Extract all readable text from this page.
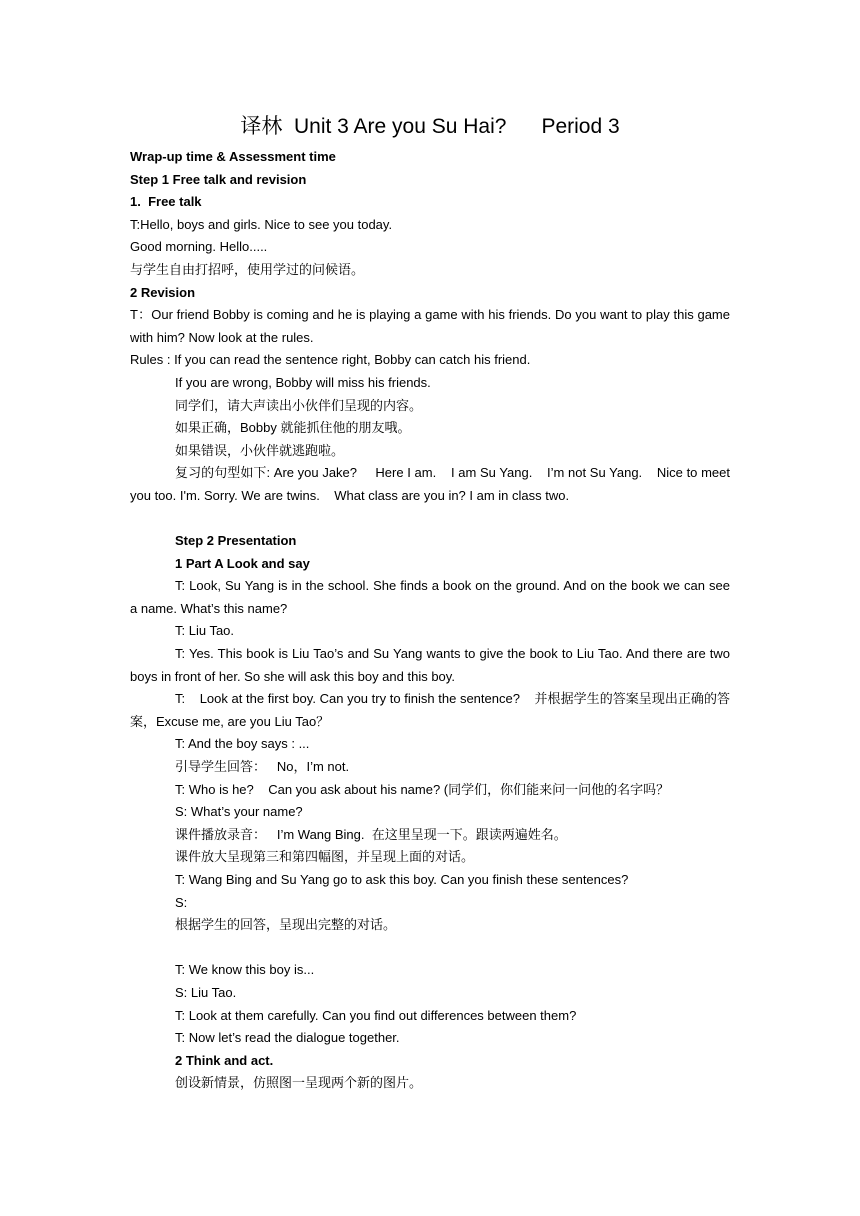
译林  Unit 3 Are you Su Hai?      Period 3
Wrap-up time & Assessment time
Step 1 Free talk and revision
1.  Free talk
T:Hello, boys and girls. Nice to see you today.
Good morning. Hello.....
与学生自由打招呼，使用学过的问候语。
2 Revision
T：Our friend Bobby is coming and he is playing a game with his friends. Do you want to play this game with him? Now look at the rules.
Rules : If you can read the sentence right, Bobby can catch his friend.
If you are wrong, Bobby will miss his friends.
同学们，请大声读出小伙伴们呈现的内容。
如果正确，Bobby 就能抓住他的朋友哦。
如果错误，小伙伴就逃跑啦。
复习的句型如下: Are you Jake?     Here I am.    I am Su Yang.    I’m not Su Yang.    Nice to meet you too. I'm. Sorry. We are twins.    What class are you in? I am in class two.
Step 2 Presentation
1 Part A Look and say
T: Look, Su Yang is in the school. She finds a book on the ground. And on the book we can see a name. What’s this name?
T: Liu Tao.
T: Yes. This book is Liu Tao’s and Su Yang wants to give the book to Liu Tao. And there are two boys in front of her. So she will ask this boy and this boy.
T:    Look at the first boy. Can you try to finish the sentence?    并根据学生的答案呈现出正确的答案，Excuse me, are you Liu Tao？
T: And the boy says : ...
引导学生回答：   No，I’m not.
T: Who is he?    Can you ask about his name? (同学们，你们能来问一问他的名字吗？
S: What’s your name?
课件播放录音：   I’m Wang Bing.  在这里呈现一下。跟读两遍姓名。
课件放大呈现第三和第四幅图，并呈现上面的对话。
T: Wang Bing and Su Yang go to ask this boy. Can you finish these sentences?
S:
根据学生的回答，呈现出完整的对话。
T: We know this boy is...
S: Liu Tao.
T: Look at them carefully. Can you find out differences between them?
T: Now let’s read the dialogue together.
2 Think and act.
创设新情景，仿照图一呈现两个新的图片。
